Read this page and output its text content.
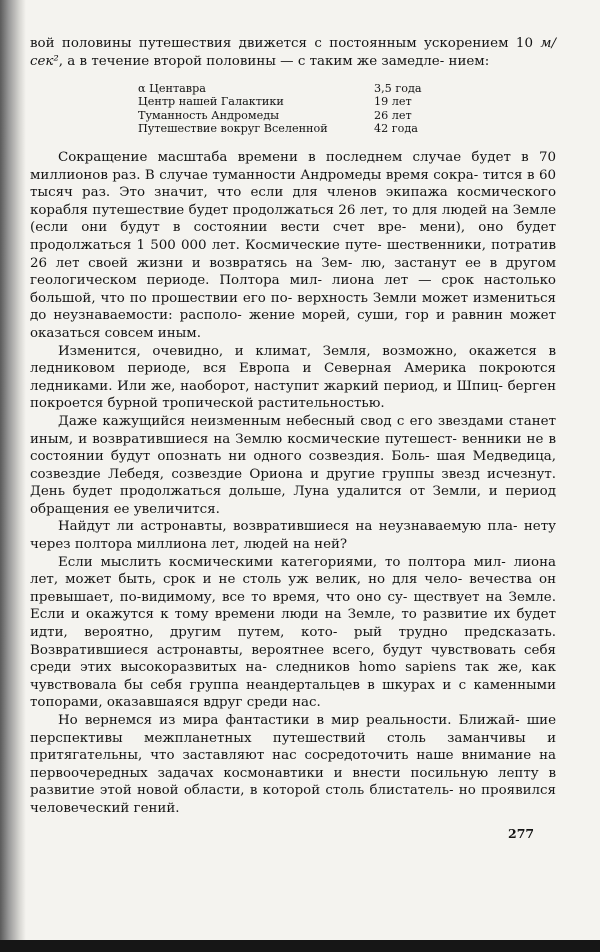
вой половины путешествия движется с постоянным ускорением 10 м/сек², а в течение второй половины — с таким же замедле- нием:

α Центавра	3,5 года
Центр нашей Галактики	19 лет
Туманность Андромеды	26 лет
Путешествие вокруг Вселенной	42 года

Сокращение масштаба времени в последнем случае будет в 70 миллионов раз. В случае туманности Андромеды время сокра- тится в 60 тысяч раз. Это значит, что если для членов экипажа космического корабля путешествие будет продолжаться 26 лет, то для людей на Земле (если они будут в состоянии вести счет вре- мени), оно будет продолжаться 1 500 000 лет. Космические путе- шественники, потратив 26 лет своей жизни и возвратясь на Зем- лю, застанут ее в другом геологическом периоде. Полтора мил- лиона лет — срок настолько большой, что по прошествии его по- верхность Земли может измениться до неузнаваемости: располо- жение морей, суши, гор и равнин может оказаться совсем иным.

Изменится, очевидно, и климат, Земля, возможно, окажется в ледниковом периоде, вся Европа и Северная Америка покроются ледниками. Или же, наоборот, наступит жаркий период, и Шпиц- берген покроется бурной тропической растительностью.

Даже кажущийся неизменным небесный свод с его звездами станет иным, и возвратившиеся на Землю космические путешест- венники не в состоянии будут опознать ни одного созвездия. Боль- шая Медведица, созвездие Лебедя, созвездие Ориона и другие группы звезд исчезнут. День будет продолжаться дольше, Луна удалится от Земли, и период обращения ее увеличится.

Найдут ли астронавты, возвратившиеся на неузнаваемую пла- нету через полтора миллиона лет, людей на ней?

Если мыслить космическими категориями, то полтора мил- лиона лет, может быть, срок и не столь уж велик, но для чело- вечества он превышает, по-видимому, все то время, что оно су- ществует на Земле. Если и окажутся к тому времени люди на Земле, то развитие их будет идти, вероятно, другим путем, кото- рый трудно предсказать. Возвратившиеся астронавты, вероятнее всего, будут чувствовать себя среди этих высокоразвитых на- следников homo sapiens так же, как чувствовала бы себя группа неандертальцев в шкурах и с каменными топорами, оказавшаяся вдруг среди нас.

Но вернемся из мира фантастики в мир реальности. Ближай- шие перспективы межпланетных путешествий столь заманчивы и притягательны, что заставляют нас сосредоточить наше внимание на первоочередных задачах космонавтики и внести посильную лепту в развитие этой новой области, в которой столь блистатель- но проявился человеческий гений.

277
